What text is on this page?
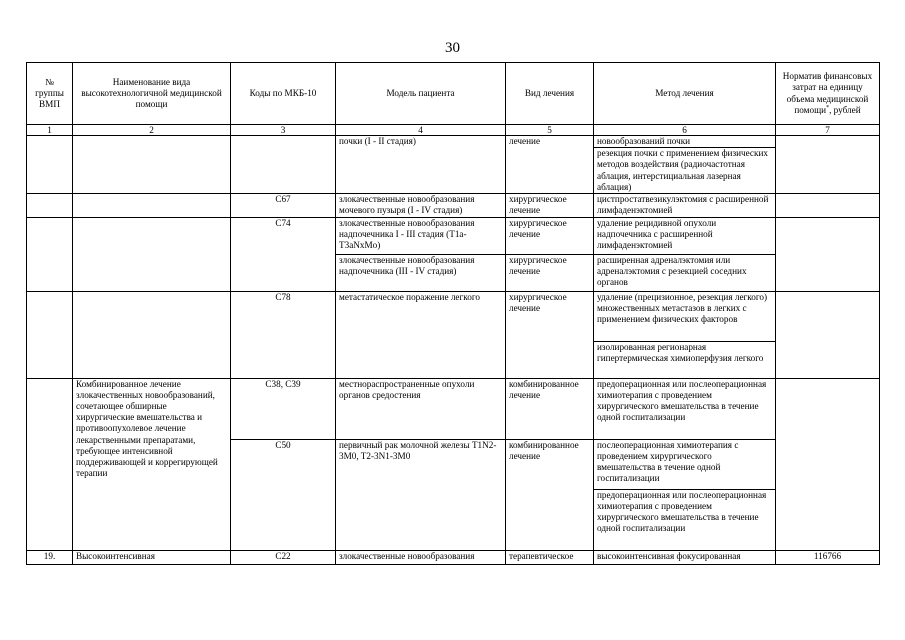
30
№ группы ВМП	Наименование вида высокотехнологичной медицинской помощи	Коды по МКБ-10	Модель пациента	Вид лечения	Метод лечения	Норматив финансовых затрат на единицу объема медицинской помощи*, рублей
1	2	3	4	5	6	7
			почки (I - II стадия)	лечение	новообразований почки	
					резекция почки с применением физических методов воздействия (радиочастотная аблация, интерстициальная лазерная аблация)	
		C67	злокачественные новообразования мочевого пузыря (I - IV стадия)	хирургическое лечение	цистпростатвезикулэктомия с расширенной лимфаденэктомией	
		C74	злокачественные новообразования надпочечника I - III стадия (T1a-T3aNxMo)	хирургическое лечение	удаление рецидивной опухоли надпочечника с расширенной лимфаденэктомией	
			злокачественные новообразования надпочечника (III - IV стадия)	хирургическое лечение	расширенная адреналэктомия или адреналэктомия с резекцией соседних органов	
		C78	метастатическое поражение легкого	хирургическое лечение	удаление (прецизионное, резекция легкого) множественных метастазов в легких с применением физических факторов	
					изолированная регионарная гипертермическая химиоперфузия легкого	
	Комбинированное лечение злокачественных новообразований, сочетающее обширные хирургические вмешательства и противоопухолевое лечение лекарственными препаратами, требующее интенсивной поддерживающей и коррегирующей терапии	C38, C39	местнораспространенные опухоли органов средостения	комбинированное лечение	предоперационная или послеоперационная химиотерапия с проведением хирургического вмешательства в течение одной госпитализации	
		C50	первичный рак молочной железы T1N2-3M0, T2-3N1-3M0	комбинированное лечение	послеоперационная химиотерапия с проведением хирургического вмешательства в течение одной госпитализации	
					предоперационная или послеоперационная химиотерапия с проведением хирургического вмешательства в течение одной госпитализации	
19.	Высокоинтенсивная	C22	злокачественные новообразования	терапевтическое	высокоинтенсивная фокусированная	116766
